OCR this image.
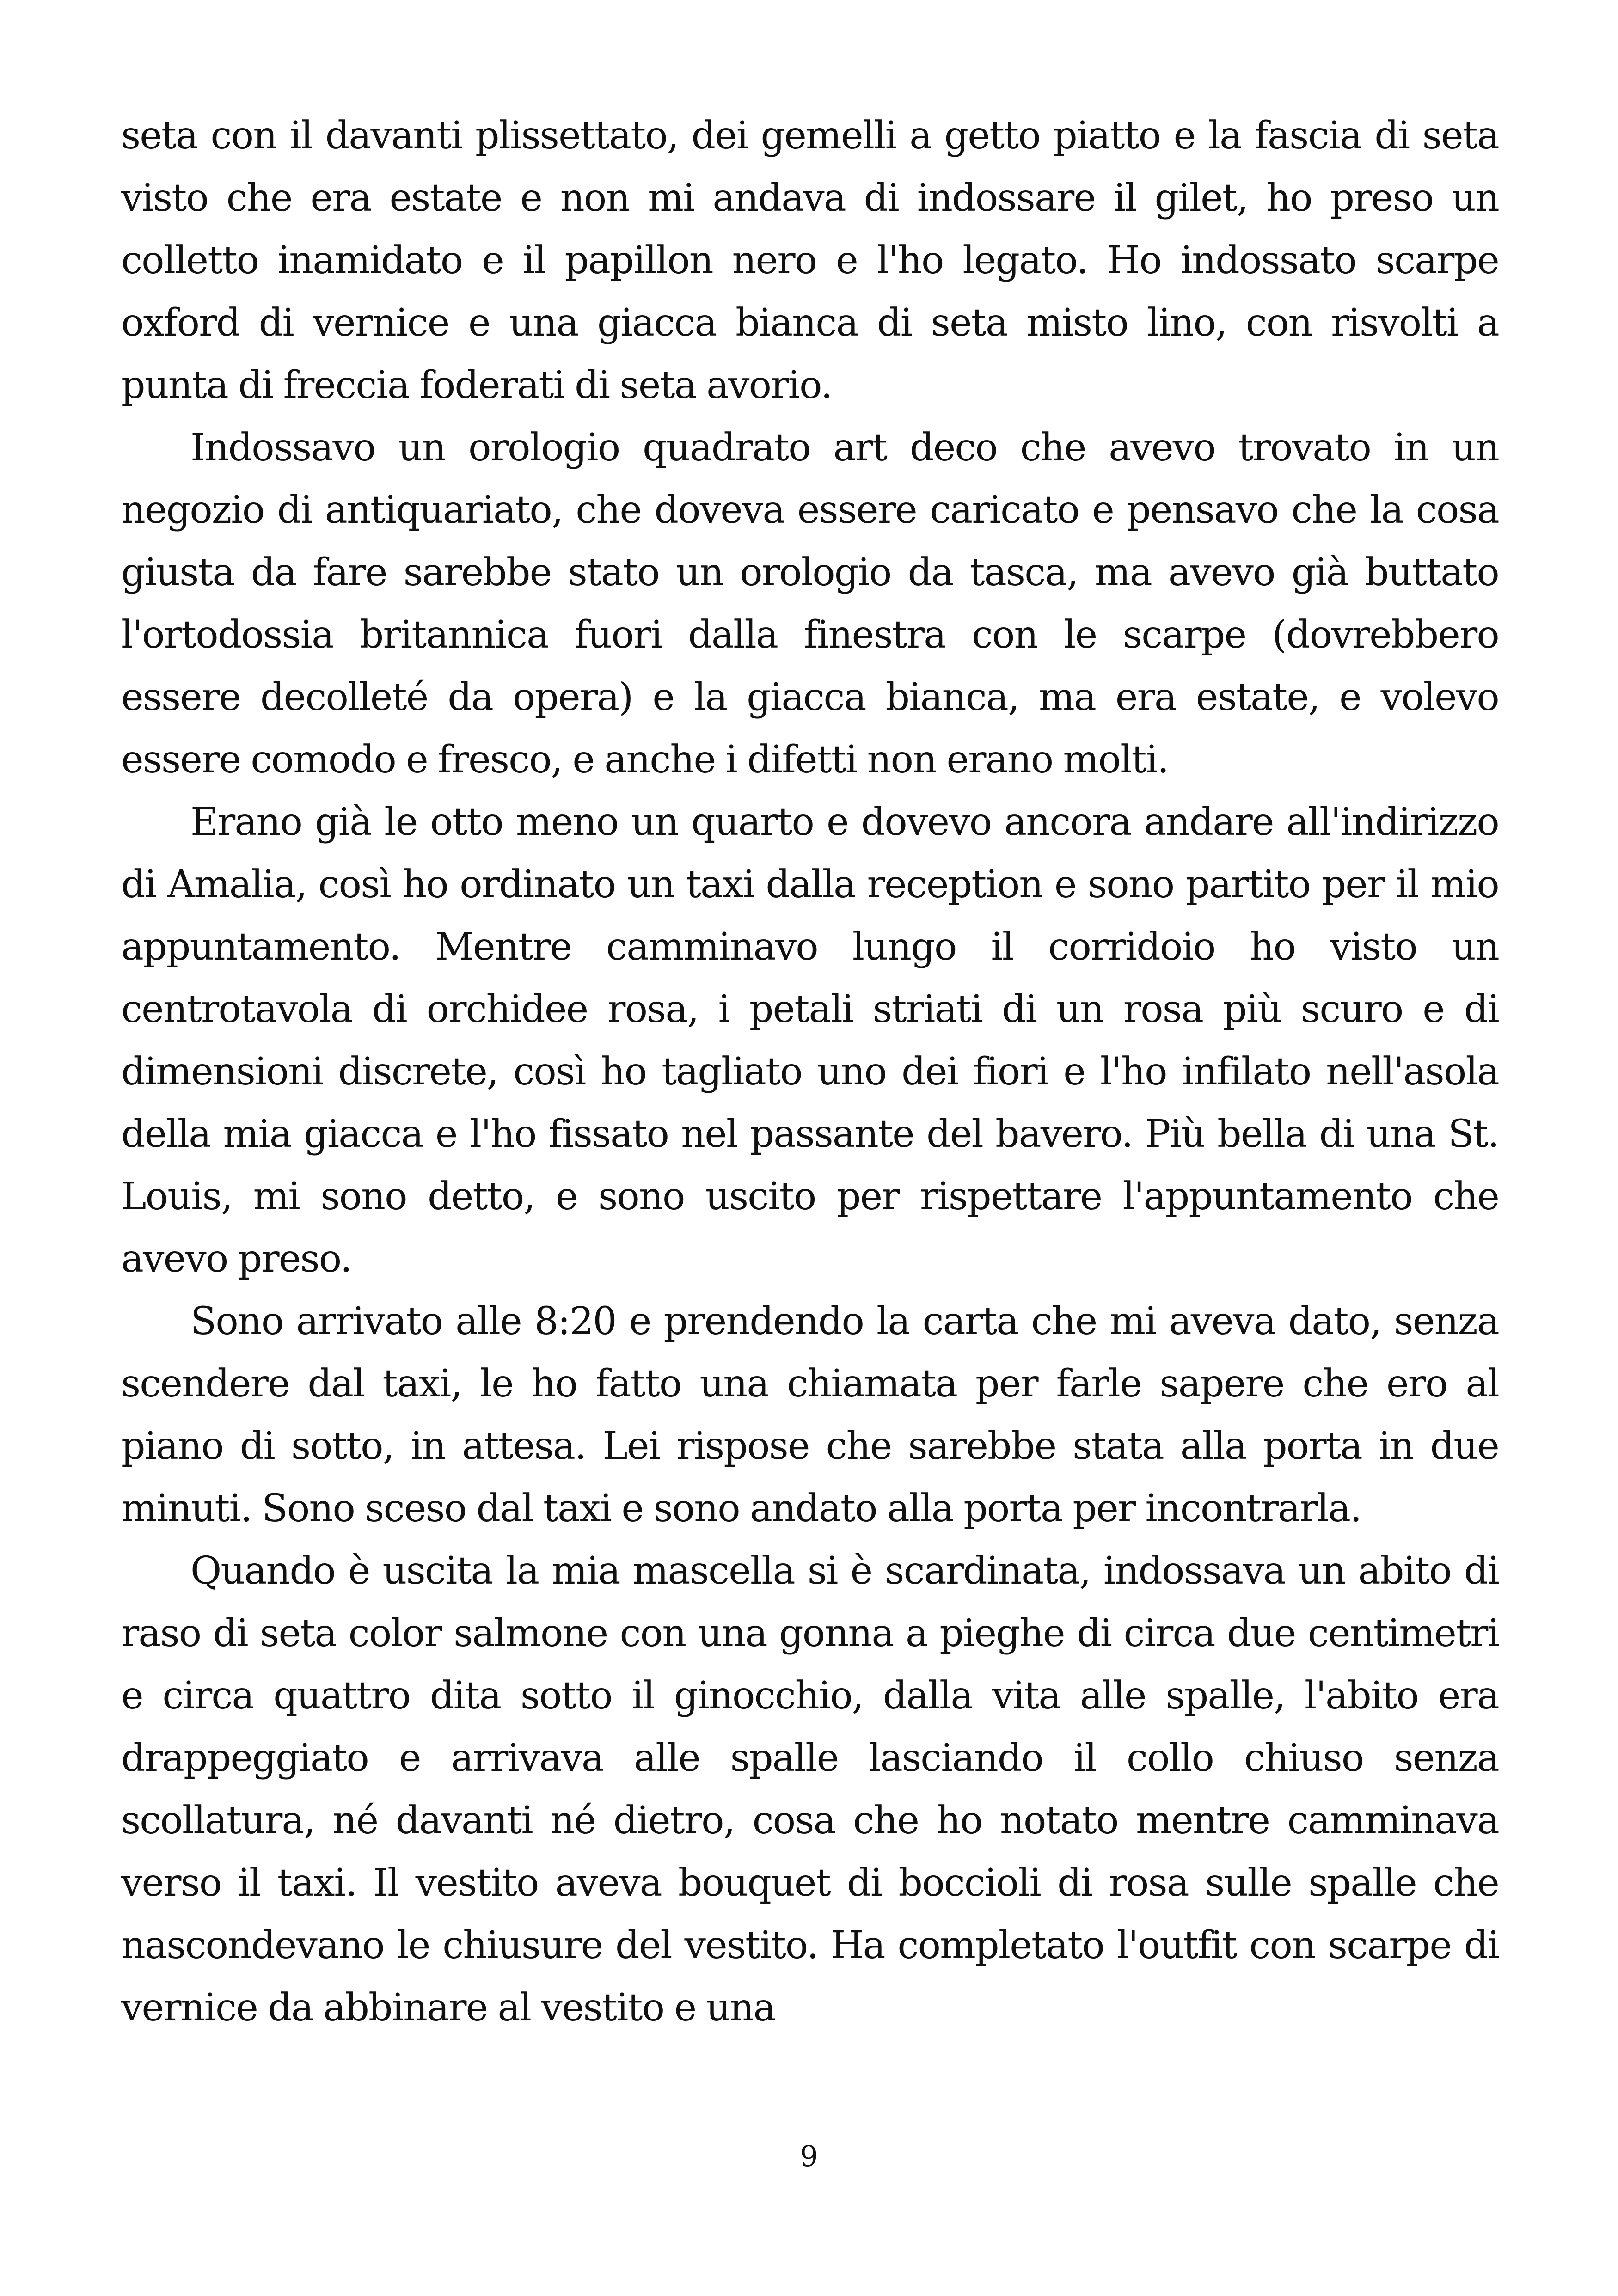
seta con il davanti plissettato, dei gemelli a getto piatto e la fascia di seta visto che era estate e non mi andava di indossare il gilet, ho preso un colletto inamidato e il papillon nero e l'ho legato. Ho indossato scarpe oxford di vernice e una giacca bianca di seta misto lino, con risvolti a punta di freccia foderati di seta avorio.

Indossavo un orologio quadrato art deco che avevo trovato in un negozio di antiquariato, che doveva essere caricato e pensavo che la cosa giusta da fare sarebbe stato un orologio da tasca, ma avevo già buttato l'ortodossia britannica fuori dalla finestra con le scarpe (dovrebbero essere decolleté da opera) e la giacca bianca, ma era estate, e volevo essere comodo e fresco, e anche i difetti non erano molti.

Erano già le otto meno un quarto e dovevo ancora andare all'indirizzo di Amalia, così ho ordinato un taxi dalla reception e sono partito per il mio appuntamento. Mentre camminavo lungo il corridoio ho visto un centrotavola di orchidee rosa, i petali striati di un rosa più scuro e di dimensioni discrete, così ho tagliato uno dei fiori e l'ho infilato nell'asola della mia giacca e l'ho fissato nel passante del bavero. Più bella di una St. Louis, mi sono detto, e sono uscito per rispettare l'appuntamento che avevo preso.

Sono arrivato alle 8:20 e prendendo la carta che mi aveva dato, senza scendere dal taxi, le ho fatto una chiamata per farle sapere che ero al piano di sotto, in attesa. Lei rispose che sarebbe stata alla porta in due minuti. Sono sceso dal taxi e sono andato alla porta per incontrarla.

Quando è uscita la mia mascella si è scardinata, indossava un abito di raso di seta color salmone con una gonna a pieghe di circa due centimetri e circa quattro dita sotto il ginocchio, dalla vita alle spalle, l'abito era drappeggiato e arrivava alle spalle lasciando il collo chiuso senza scollatura, né davanti né dietro, cosa che ho notato mentre camminava verso il taxi. Il vestito aveva bouquet di boccioli di rosa sulle spalle che nascondevano le chiusure del vestito. Ha completato l'outfit con scarpe di vernice da abbinare al vestito e una

9
